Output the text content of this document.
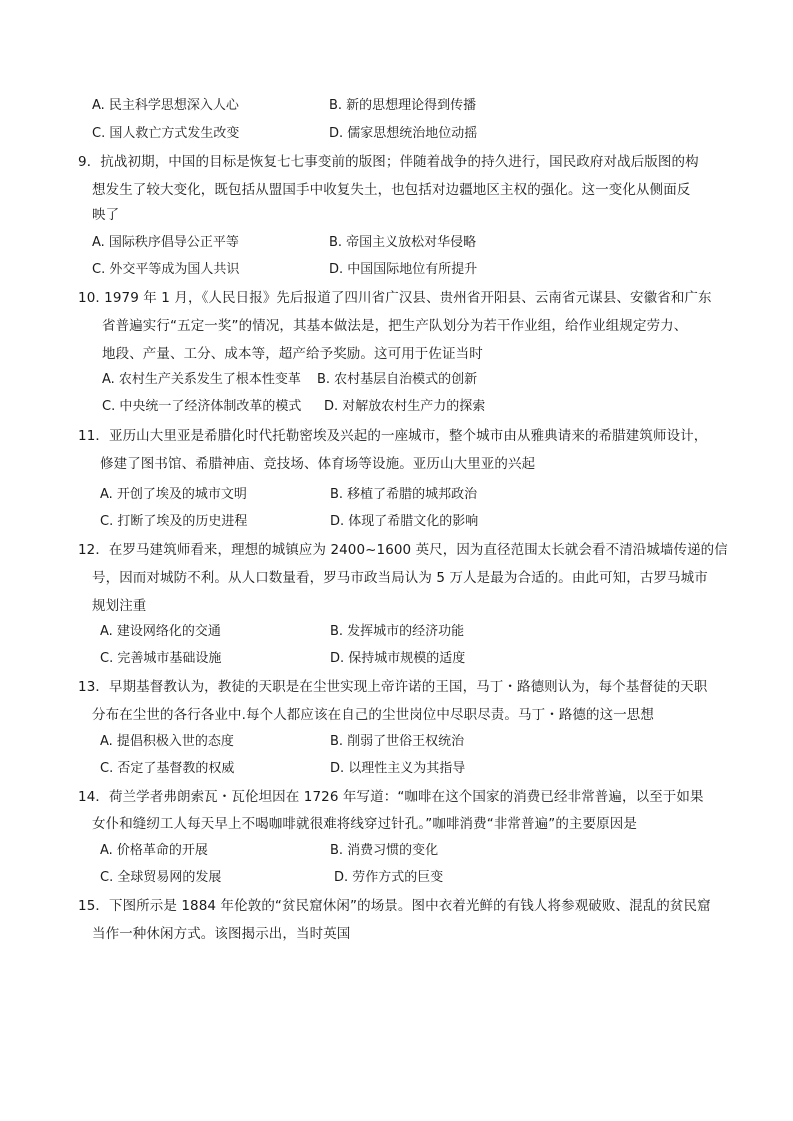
A. 民主科学思想深入人心	B. 新的思想理论得到传播
C. 国人救亡方式发生改变	D. 儒家思想统治地位动摇
9．抗战初期，中国的目标是恢复七七事变前的版图；伴随着战争的持久进行，国民政府对战后版图的构
想发生了较大变化，既包括从盟国手中收复失土，也包括对边疆地区主权的强化。这一变化从侧面反
映了
A. 国际秩序倡导公正平等	B. 帝国主义放松对华侵略
C. 外交平等成为国人共识	D. 中国国际地位有所提升
10. 1979 年 1 月，《人民日报》先后报道了四川省广汉县、贵州省开阳县、云南省元谋县、安徽省和广东
省普遍实行“五定一奖”的情况，其基本做法是，把生产队划分为若干作业组，给作业组规定劳力、
地段、产量、工分、成本等，超产给予奖励。这可用于佐证当时
A. 农村生产关系发生了根本性变革 B. 农村基层自治模式的创新
C. 中央统一了经济体制改革的模式 D. 对解放农村生产力的探索
11．亚历山大里亚是希腊化时代托勒密埃及兴起的一座城市，整个城市由从雅典请来的希腊建筑师设计，
修建了图书馆、希腊神庙、竞技场、体育场等设施。亚历山大里亚的兴起
A. 开创了埃及的城市文明	B. 移植了希腊的城邦政治
C. 打断了埃及的历史进程	D. 体现了希腊文化的影响
12．在罗马建筑师看来，理想的城镇应为 2400~1600 英尺，因为直径范围太长就会看不清沿城墙传递的信
号，因而对城防不利。从人口数量看，罗马市政当局认为 5 万人是最为合适的。由此可知，古罗马城市
规划注重
A. 建设网络化的交通	B. 发挥城市的经济功能
C. 完善城市基础设施	D. 保持城市规模的适度
13．早期基督教认为，教徒的天职是在尘世实现上帝许诺的王国，马丁・路德则认为，每个基督徒的天职
分布在尘世的各行各业中.每个人都应该在自己的尘世岗位中尽职尽责。马丁・路德的这一思想
A. 提倡积极入世的态度	B. 削弱了世俗王权统治
C. 否定了基督教的权威	D. 以理性主义为其指导
14．荷兰学者弗朗索瓦・瓦伦坦因在 1726 年写道：“咖啡在这个国家的消费已经非常普遍，以至于如果
女仆和缝纫工人每天早上不喝咖啡就很难将线穿过针孔。”咖啡消费“非常普遍”的主要原因是
A. 价格革命的开展	B. 消费习惯的变化
C. 全球贸易网的发展	D. 劳作方式的巨变
15．下图所示是 1884 年伦敦的“贫民窟休闲”的场景。图中衣着光鲜的有钱人将参观破败、混乱的贫民窟
当作一种休闲方式。该图揭示出，当时英国
